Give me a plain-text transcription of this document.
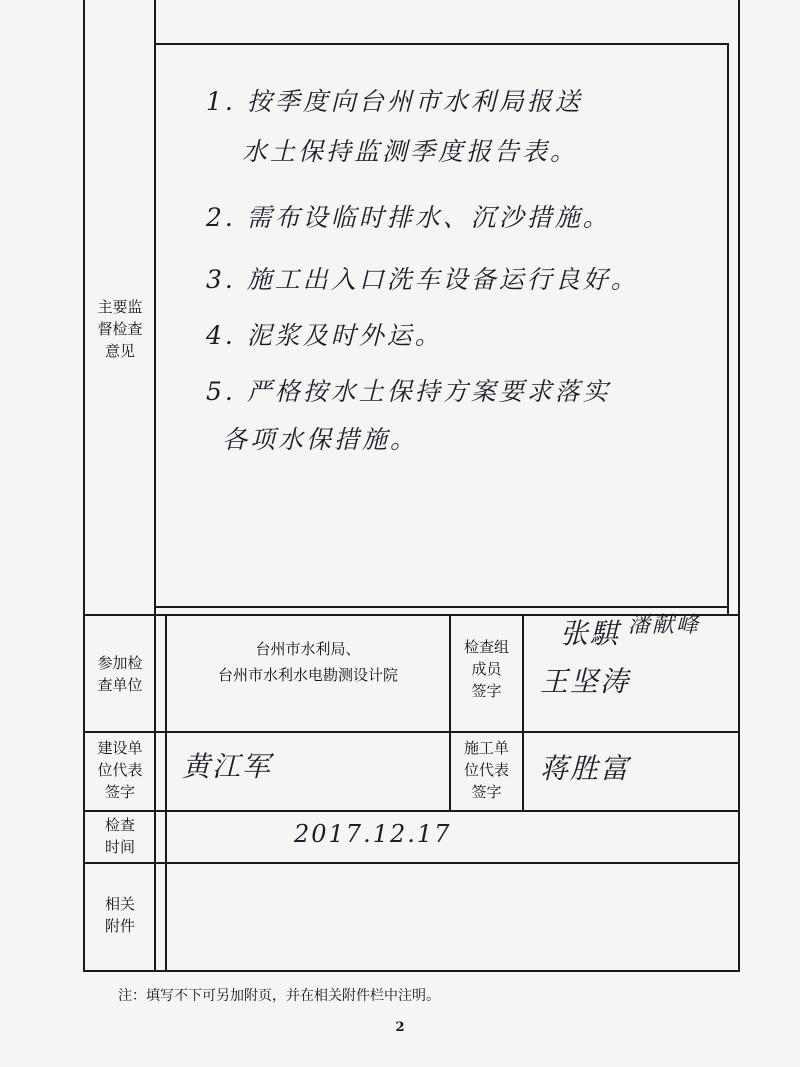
主要监
督检查
意见
1. 按季度向台州市水利局报送
水土保持监测季度报告表。
2. 需布设临时排水、沉沙措施。
3. 施工出入口洗车设备运行良好。
4. 泥浆及时外运。
5. 严格按水土保持方案要求落实
各项水保措施。
参加检
查单位
台州市水利局、
台州市水利水电勘测设计院
检查组
成员
签字
张騏 潘献峰
王坚涛
建设单
位代表
签字
黄江军
施工单
位代表
签字
蒋胜富
检查
时间	2017.12.17
相关
附件
注：填写不下可另加附页，并在相关附件栏中注明。
2
